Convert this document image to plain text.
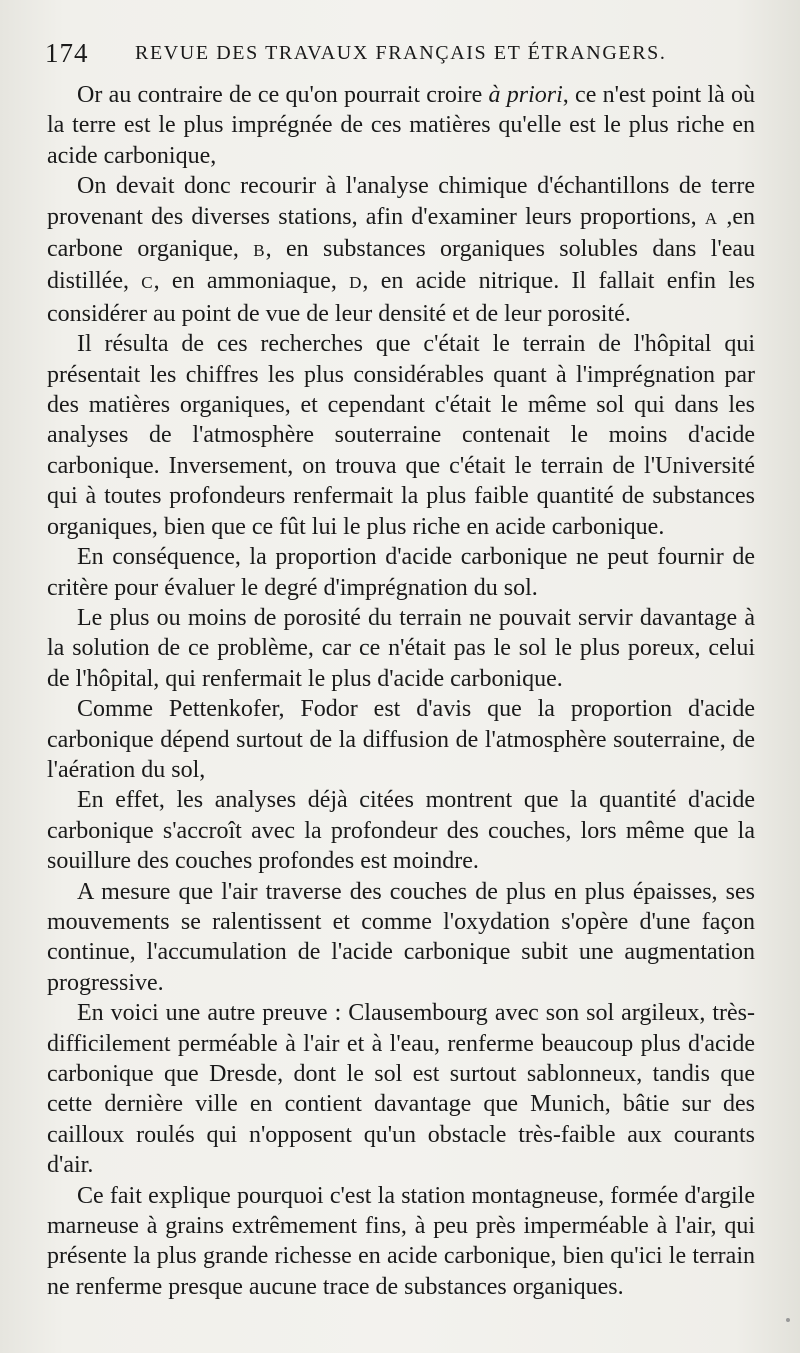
174 REVUE DES TRAVAUX FRANÇAIS ET ÉTRANGERS.

Or au contraire de ce qu'on pourrait croire à priori, ce n'est point là où la terre est le plus imprégnée de ces matières qu'elle est le plus riche en acide carbonique,

On devait donc recourir à l'analyse chimique d'échantillons de terre provenant des diverses stations, afin d'examiner leurs proportions, A ,en carbone organique, B, en substances organiques solubles dans l'eau distillée, C, en ammoniaque, D, en acide nitrique. Il fallait enfin les considérer au point de vue de leur densité et de leur porosité.

Il résulta de ces recherches que c'était le terrain de l'hôpital qui présentait les chiffres les plus considérables quant à l'imprégnation par des matières organiques, et cependant c'était le même sol qui dans les analyses de l'atmosphère souterraine contenait le moins d'acide carbonique. Inversement, on trouva que c'était le terrain de l'Université qui à toutes profondeurs renfermait la plus faible quantité de substances organiques, bien que ce fût lui le plus riche en acide carbonique.

En conséquence, la proportion d'acide carbonique ne peut fournir de critère pour évaluer le degré d'imprégnation du sol.

Le plus ou moins de porosité du terrain ne pouvait servir davantage à la solution de ce problème, car ce n'était pas le sol le plus poreux, celui de l'hôpital, qui renfermait le plus d'acide carbonique.

Comme Pettenkofer, Fodor est d'avis que la proportion d'acide carbonique dépend surtout de la diffusion de l'atmosphère souterraine, de l'aération du sol,

En effet, les analyses déjà citées montrent que la quantité d'acide carbonique s'accroît avec la profondeur des couches, lors même que la souillure des couches profondes est moindre.

A mesure que l'air traverse des couches de plus en plus épaisses, ses mouvements se ralentissent et comme l'oxydation s'opère d'une façon continue, l'accumulation de l'acide carbonique subit une augmentation progressive.

En voici une autre preuve : Clausembourg avec son sol argileux, très-difficilement perméable à l'air et à l'eau, renferme beaucoup plus d'acide carbonique que Dresde, dont le sol est surtout sablonneux, tandis que cette dernière ville en contient davantage que Munich, bâtie sur des cailloux roulés qui n'opposent qu'un obstacle très-faible aux courants d'air.

Ce fait explique pourquoi c'est la station montagneuse, formée d'argile marneuse à grains extrêmement fins, à peu près imperméable à l'air, qui présente la plus grande richesse en acide carbonique, bien qu'ici le terrain ne renferme presque aucune trace de substances organiques.
